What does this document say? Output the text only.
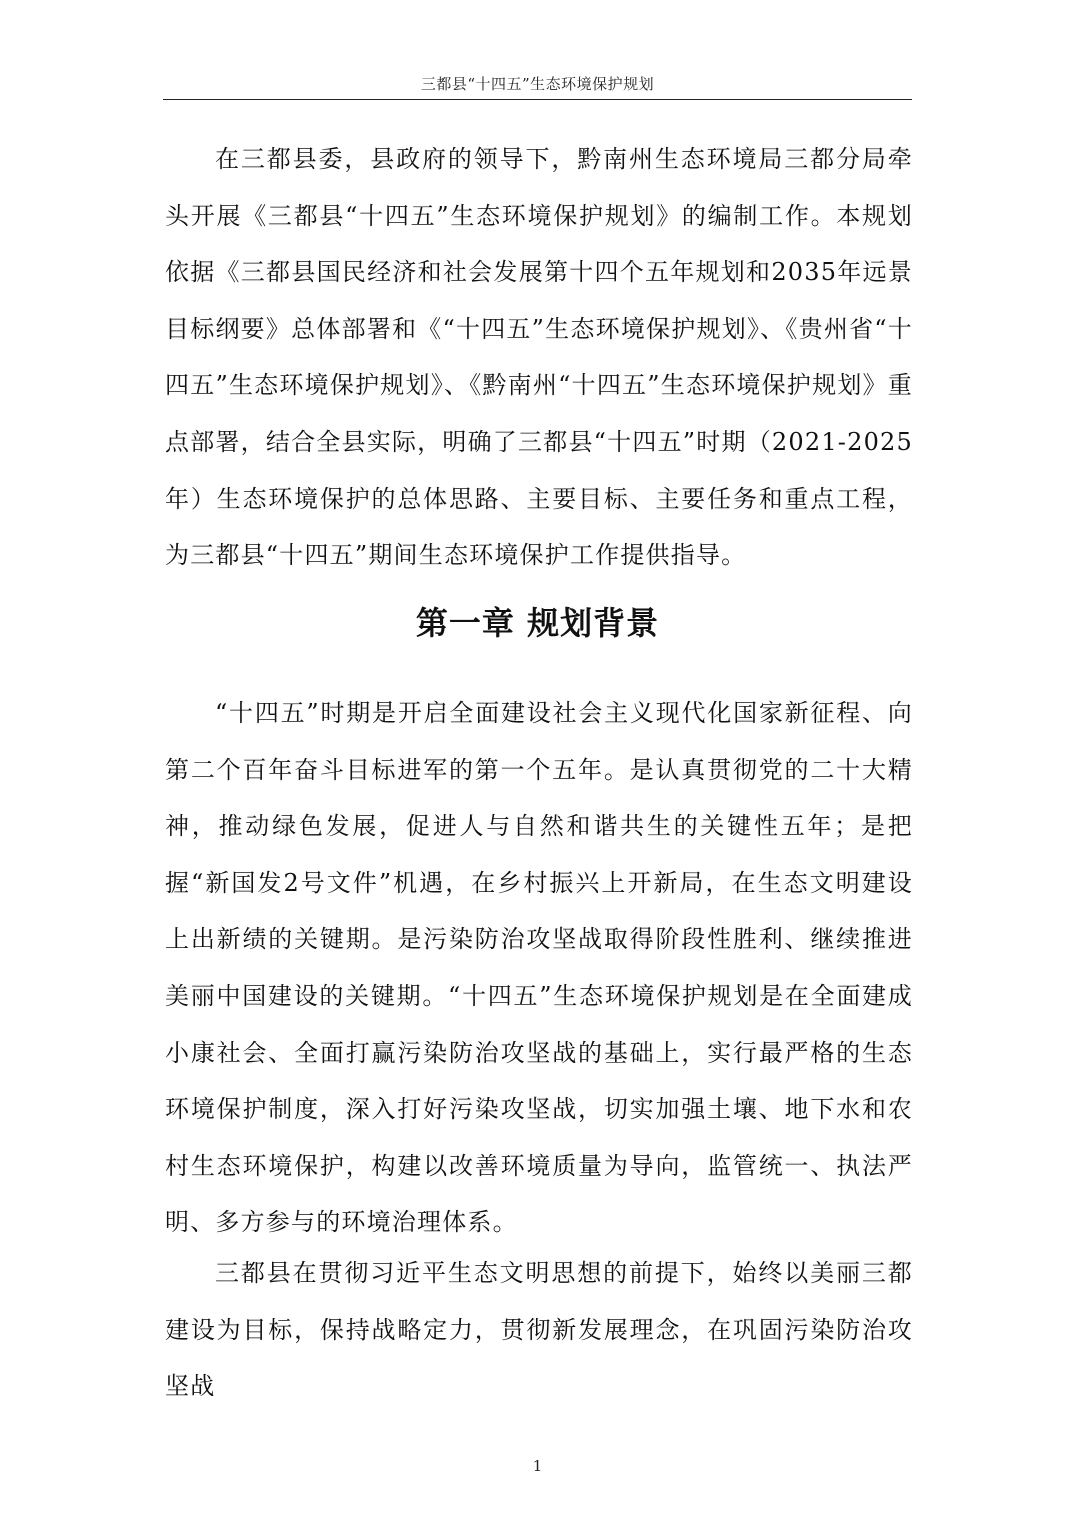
三都县“十四五”生态环境保护规划

在三都县委，县政府的领导下，黔南州生态环境局三都分局牵头开展《三都县“十四五”生态环境保护规划》的编制工作。本规划依据《三都县国民经济和社会发展第十四个五年规划和2035年远景目标纲要》总体部署和《“十四五”生态环境保护规划》、《贵州省“十四五”生态环境保护规划》、《黔南州“十四五”生态环境保护规划》重点部署，结合全县实际，明确了三都县“十四五”时期（2021-2025年）生态环境保护的总体思路、主要目标、主要任务和重点工程，为三都县“十四五”期间生态环境保护工作提供指导。

第一章 规划背景

“十四五”时期是开启全面建设社会主义现代化国家新征程、向第二个百年奋斗目标进军的第一个五年。是认真贯彻党的二十大精神，推动绿色发展，促进人与自然和谐共生的关键性五年；是把握“新国发2号文件”机遇，在乡村振兴上开新局，在生态文明建设上出新绩的关键期。是污染防治攻坚战取得阶段性胜利、继续推进美丽中国建设的关键期。“十四五”生态环境保护规划是在全面建成小康社会、全面打赢污染防治攻坚战的基础上，实行最严格的生态环境保护制度，深入打好污染攻坚战，切实加强土壤、地下水和农村生态环境保护，构建以改善环境质量为导向，监管统一、执法严明、多方参与的环境治理体系。

三都县在贯彻习近平生态文明思想的前提下，始终以美丽三都建设为目标，保持战略定力，贯彻新发展理念，在巩固污染防治攻坚战

1
